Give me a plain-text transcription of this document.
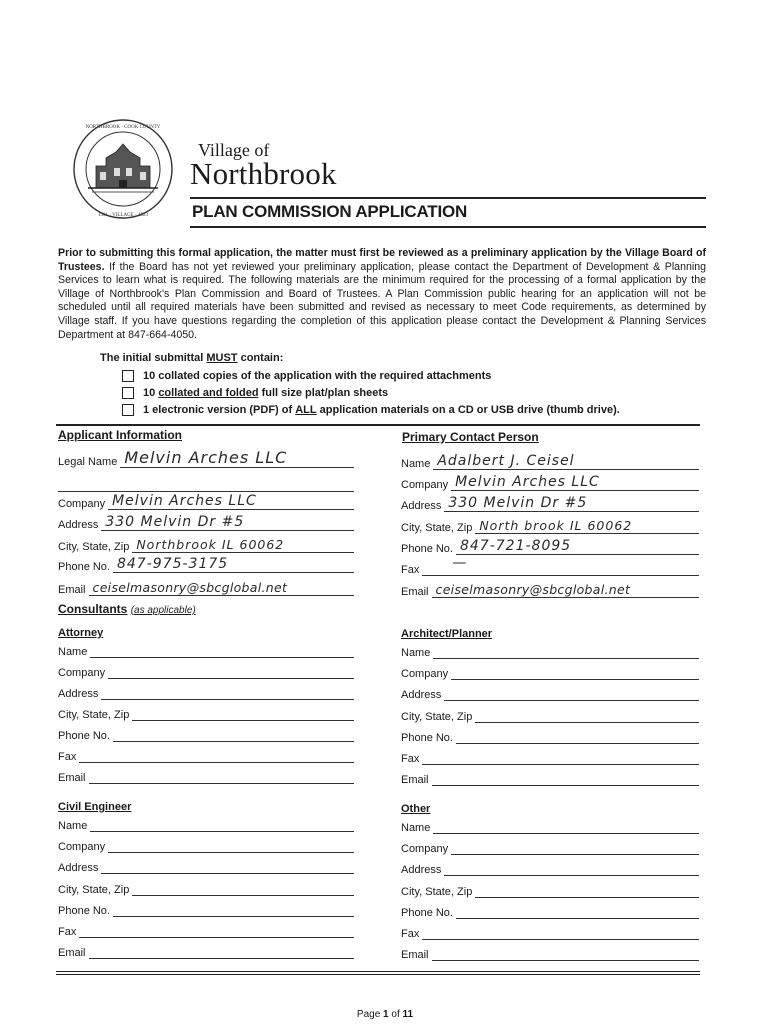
NORTHBROOK · COOK COUNTY
1901 · VILLAGE · 1923
Village of
Northbrook
PLAN COMMISSION APPLICATION
Prior to submitting this formal application, the matter must first be reviewed as a preliminary application by the Village Board of Trustees. If the Board has not yet reviewed your preliminary application, please contact the Department of Development & Planning Services to learn what is required. The following materials are the minimum required for the processing of a formal application by the Village of Northbrook's Plan Commission and Board of Trustees. A Plan Commission public hearing for an application will not be scheduled until all required materials have been submitted and revised as necessary to meet Code requirements, as determined by Village staff. If you have questions regarding the completion of this application please contact the Development & Planning Services Department at 847-664-4050.
The initial submittal MUST contain:
10 collated copies of the application with the required attachments
10
collated and folded
full size plat/plan sheets
1 electronic version (PDF) of
ALL
application materials on a CD or USB drive (thumb drive).
Applicant Information
Legal Name Melvin Arches LLC
Company Melvin Arches LLC
Address 330 Melvin Dr #5
City, State, Zip Northbrook IL 60062
Phone No. 847-975-3175
Email ceiselmasonry@sbcglobal.net
Primary Contact Person
Name Adalbert J. Ceisel
Company Melvin Arches LLC
Address 330 Melvin Dr #5
City, State, Zip North brook IL 60062
Phone No. 847-721-8095
Fax —
Email ceiselmasonry@sbcglobal.net
Consultants (as applicable)
Attorney
Name
Company
Address
City, State, Zip
Phone No.
Fax
Email
Architect/Planner
Name
Company
Address
City, State, Zip
Phone No.
Fax
Email
Civil Engineer
Name
Company
Address
City, State, Zip
Phone No.
Fax
Email
Other
Name
Company
Address
City, State, Zip
Phone No.
Fax
Email
Page 1 of 11
